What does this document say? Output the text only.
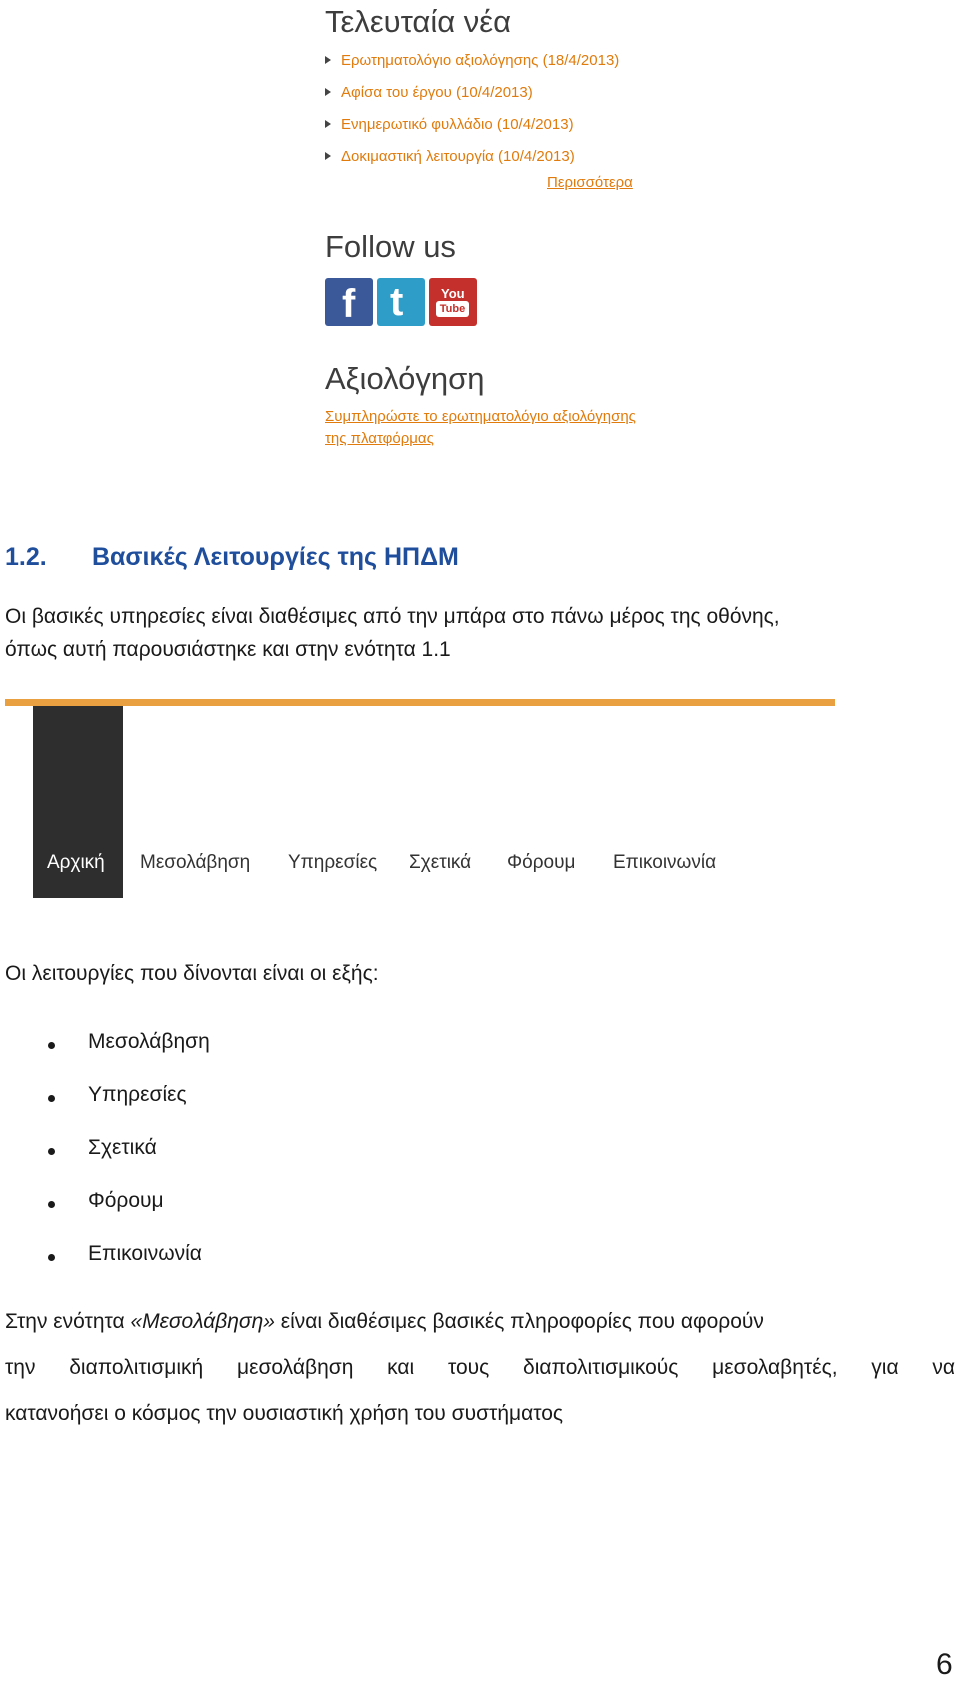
Τελευταία νέα
Ερωτηματολόγιο αξιολόγησης (18/4/2013)
Αφίσα του έργου (10/4/2013)
Ενημερωτικό φυλλάδιο (10/4/2013)
Δοκιμαστική λειτουργία (10/4/2013)
Περισσότερα
Follow us
f t	You
Tube
Αξιολόγηση
Συμπληρώστε το ερωτηματολόγιο αξιολόγησης
της πλατφόρμας
1.2. Βασικές Λειτουργίες της ΗΠΔΜ
Οι βασικές υπηρεσίες είναι διαθέσιμες από την μπάρα στο πάνω μέρος της οθόνης,
όπως αυτή παρουσιάστηκε και στην ενότητα 1.1
Αρχική Μεσολάβηση Υπηρεσίες Σχετικά Φόρουμ Επικοινωνία
Οι λειτουργίες που δίνονται είναι οι εξής:
Μεσολάβηση
Υπηρεσίες
Σχετικά
Φόρουμ
Επικοινωνία
Στην ενότητα «Μεσολάβηση» είναι διαθέσιμες βασικές πληροφορίες που αφορούν
την διαπολιτισμική μεσολάβηση και τους διαπολιτισμικούς μεσολαβητές, για να
κατανοήσει ο κόσμος την ουσιαστική χρήση του συστήματος
6
